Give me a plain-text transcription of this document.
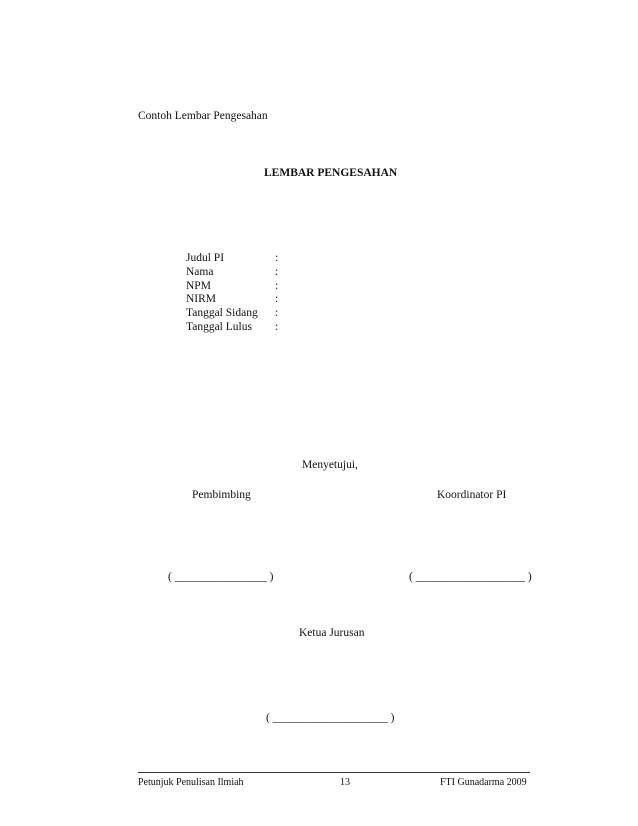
Contoh Lembar Pengesahan
LEMBAR PENGESAHAN
Judul PI	:
Nama	:
NPM	:
NIRM	:
Tanggal Sidang :
Tanggal Lulus :
Menyetujui,
Pembimbing	Koordinator PI
( ________________ )	( ___________________ )
Ketua Jurusan
( ____________________ )
Petunjuk Penulisan Ilmiah	13	FTI Gunadarma 2009
